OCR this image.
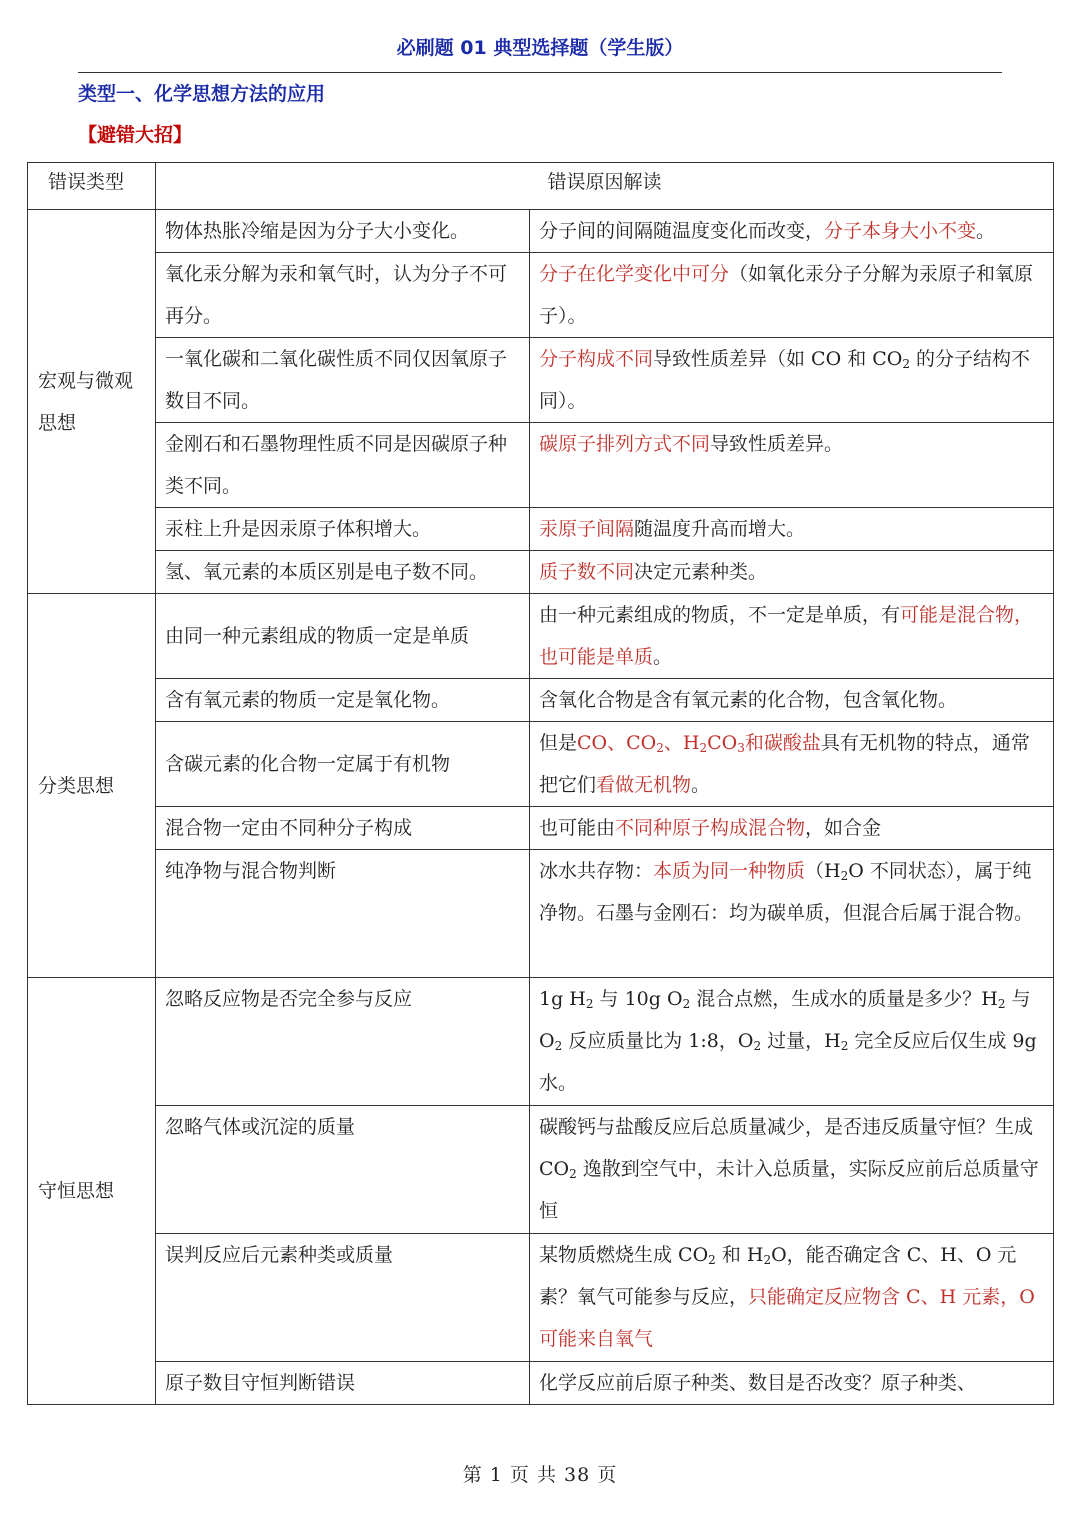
必刷题 01 典型选择题（学生版）
类型一、化学思想方法的应用
【避错大招】
错误类型	错误原因解读	
宏观与微观思想	物体热胀冷缩是因为分子大小变化。	分子间的间隔随温度变化而改变，分子本身大小不变。
	氧化汞分解为汞和氧气时，认为分子不可再分。	分子在化学变化中可分（如氧化汞分子分解为汞原子和氧原子）。
	一氧化碳和二氧化碳性质不同仅因氧原子数目不同。	分子构成不同导致性质差异（如 CO 和 $CO_2$ 的分子结构不同）。
	金刚石和石墨物理性质不同是因碳原子种类不同。	碳原子排列方式不同导致性质差异。
	汞柱上升是因汞原子体积增大。	汞原子间隔随温度升高而增大。
	氢、氧元素的本质区别是电子数不同。	质子数不同决定元素种类。
分类思想	由同一种元素组成的物质一定是单质	由一种元素组成的物质，不一定是单质，有可能是混合物，也可能是单质。
	含有氧元素的物质一定是氧化物。	含氧化合物是含有氧元素的化合物，包含氧化物。
	含碳元素的化合物一定属于有机物	但是CO、$CO_2$、$H_2CO_3$和碳酸盐具有无机物的特点，通常把它们看做无机物。
	混合物一定由不同种分子构成	也可能由不同种原子构成混合物，如合金
	纯净物与混合物判断	冰水共存物：本质为同一种物质（$H_2O$ 不同状态），属于纯净物。石墨与金刚石：均为碳单质，但混合后属于混合物。
守恒思想	忽略反应物是否完全参与反应	1g $H_2$ 与 10g $O_2$ 混合点燃，生成水的质量是多少？$H_2$ 与 $O_2$ 反应质量比为 1:8，$O_2$ 过量，$H_2$ 完全反应后仅生成 9g 水。
	忽略气体或沉淀的质量	碳酸钙与盐酸反应后总质量减少，是否违反质量守恒？生成 $CO_2$ 逸散到空气中，未计入总质量，实际反应前后总质量守恒
	误判反应后元素种类或质量	某物质燃烧生成 $CO_2$ 和 $H_2O$，能否确定含 C、H、O 元素？氧气可能参与反应，只能确定反应物含 C、H 元素，O 可能来自氧气
	原子数目守恒判断错误	化学反应前后原子种类、数目是否改变？原子种类、
第 1 页 共 38 页
